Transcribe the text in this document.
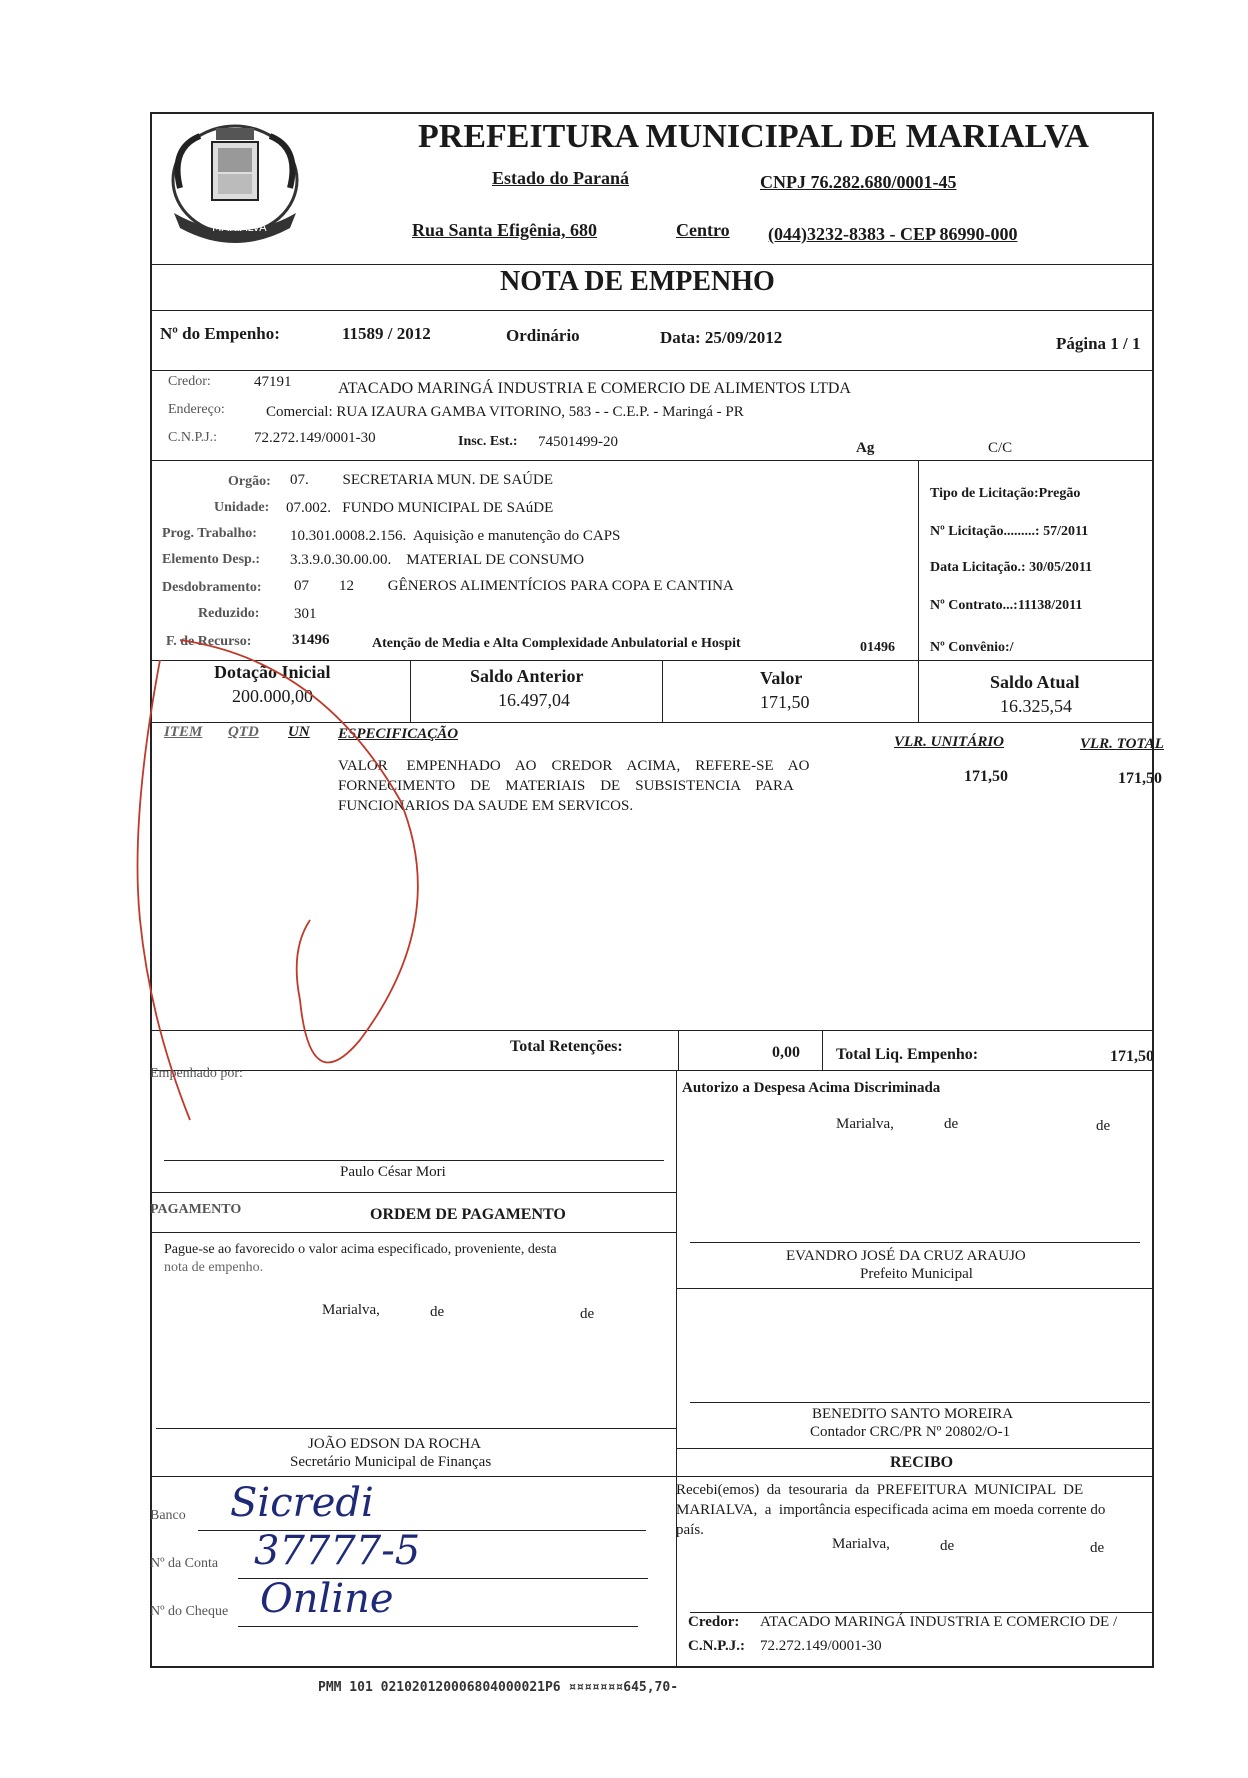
MARIALVA
PREFEITURA MUNICIPAL DE MARIALVA
Estado do Paraná	CNPJ 76.282.680/0001-45
Rua Santa Efigênia, 680	Centro (044)3232-8383 - CEP 86990-000
NOTA DE EMPENHO
Nº do Empenho:	11589 / 2012	Ordinário	Data: 25/09/2012	Página 1 / 1
Credor:	47191	ATACADO MARINGÁ INDUSTRIA E COMERCIO DE ALIMENTOS LTDA
Endereço:	Comercial: RUA IZAURA GAMBA VITORINO, 583 - - C.E.P. - Maringá - PR
C.N.P.J.: 72.272.149/0001-30	Insc. Est.: 74501499-20	Ag	C/C
Orgão: 07.         SECRETARIA MUN. DE SAÚDE
Unidade: 07.002.   FUNDO MUNICIPAL DE SAúDE
Prog. Trabalho: 10.301.0008.2.156.  Aquisição e manutenção do CAPS
Elemento Desp.: 3.3.9.0.30.00.00.    MATERIAL DE CONSUMO
Desdobramento: 07        12         GÊNEROS ALIMENTÍCIOS PARA COPA E CANTINA
Reduzido: 301
F. de Recurso:	31496	Atenção de Media e Alta Complexidade Anbulatorial e Hospit	01496
Tipo de Licitação:Pregão
Nº Licitação.........: 57/2011
Data Licitação.: 30/05/2011
Nº Contrato...:11138/2011
Nº Convênio:/
Dotação Inicial
200.000,00
Saldo Anterior
16.497,04
Valor
171,50
Saldo Atual
16.325,54
ITEM QTD UN ESPECIFICAÇÃO	VLR. UNITÁRIO	VLR. TOTAL
VALOR     EMPENHADO    AO    CREDOR    ACIMA,    REFERE-SE    AO
FORNECIMENTO    DE    MATERIAIS    DE    SUBSISTENCIA    PARA
FUNCIONARIOS DA SAUDE EM SERVICOS.
171,50	171,50
Total Retenções:	0,00 Total Liq. Empenho:	171,50
Empenhado por:
Paulo César Mori
Autorizo a Despesa Acima Discriminada
Marialva,	de	de
PAGAMENTO	ORDEM DE PAGAMENTO
Pague-se ao favorecido o valor acima especificado, proveniente, desta
nota de empenho.
Marialva,	de	de
EVANDRO JOSÉ DA CRUZ ARAUJO
Prefeito Municipal
BENEDITO SANTO MOREIRA
Contador CRC/PR Nº 20802/O-1
JOÃO EDSON DA ROCHA
Secretário Municipal de Finanças	RECIBO
Recebi(emos)  da  tesouraria  da  PREFEITURA  MUNICIPAL  DE
MARIALVA,  a  importância especificada acima em moeda corrente do
país.
Marialva,	de	de
Banco Sicredi
Nº da Conta 37777-5
Nº do Cheque Online	Credor: ATACADO MARINGÁ INDUSTRIA E COMERCIO DE /
C.N.P.J.: 72.272.149/0001-30
PMM 101 021020120006804000021P6 ¤¤¤¤¤¤¤645,70-
